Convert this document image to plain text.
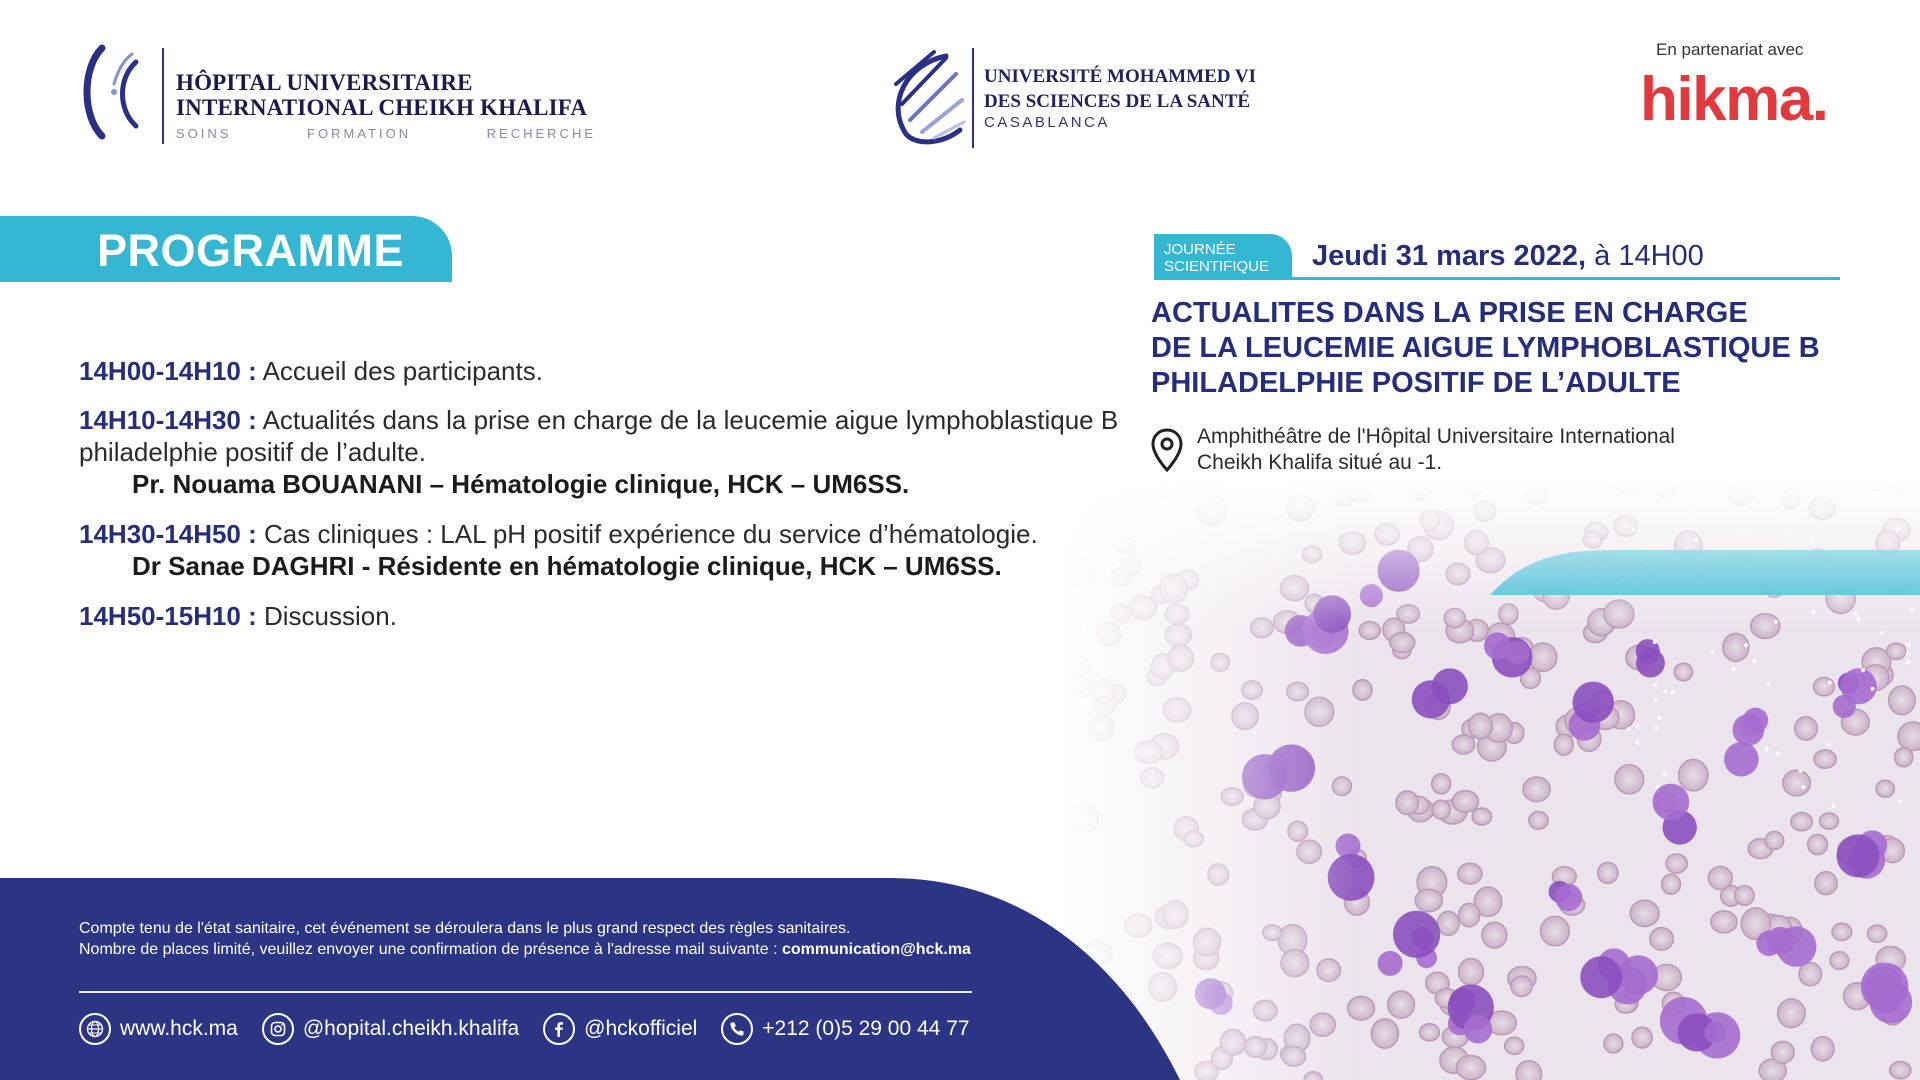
HÔPITAL UNIVERSITAIRE
INTERNATIONAL CHEIKH KHALIFA
SOINS	FORMATION	RECHERCHE
UNIVERSITÉ MOHAMMED VI
DES SCIENCES DE LA SANTÉ
CASABLANCA
En partenariat avec
hikma.
PROGRAMME
14H00-14H10 : Accueil des participants.
14H10-14H30 : Actualités dans la prise en charge de la leucemie aigue lymphoblastique B philadelphie positif de l’adulte.
Pr. Nouama BOUANANI – Hématologie clinique, HCK – UM6SS.
14H30-14H50 : Cas cliniques : LAL pH positif expérience du service d’hématologie.
Dr Sanae DAGHRI - Résidente en hématologie clinique, HCK – UM6SS.
14H50-15H10 : Discussion.
JOURNÉE
SCIENTIFIQUE Jeudi 31 mars 2022, à 14H00
ACTUALITES DANS LA PRISE EN CHARGE
DE LA LEUCEMIE AIGUE LYMPHOBLASTIQUE B
PHILADELPHIE POSITIF DE L’ADULTE
Amphithéâtre de l'Hôpital Universitaire International
Cheikh Khalifa situé au -1.
Compte tenu de l'état sanitaire, cet événement se déroulera dans le plus grand respect des règles sanitaires.
Nombre de places limité, veuillez envoyer une confirmation de présence à l'adresse mail suivante : communication@hck.ma
www.hck.ma	@hopital.cheikh.khalifa	@hckofficiel	+212 (0)5 29 00 44 77
